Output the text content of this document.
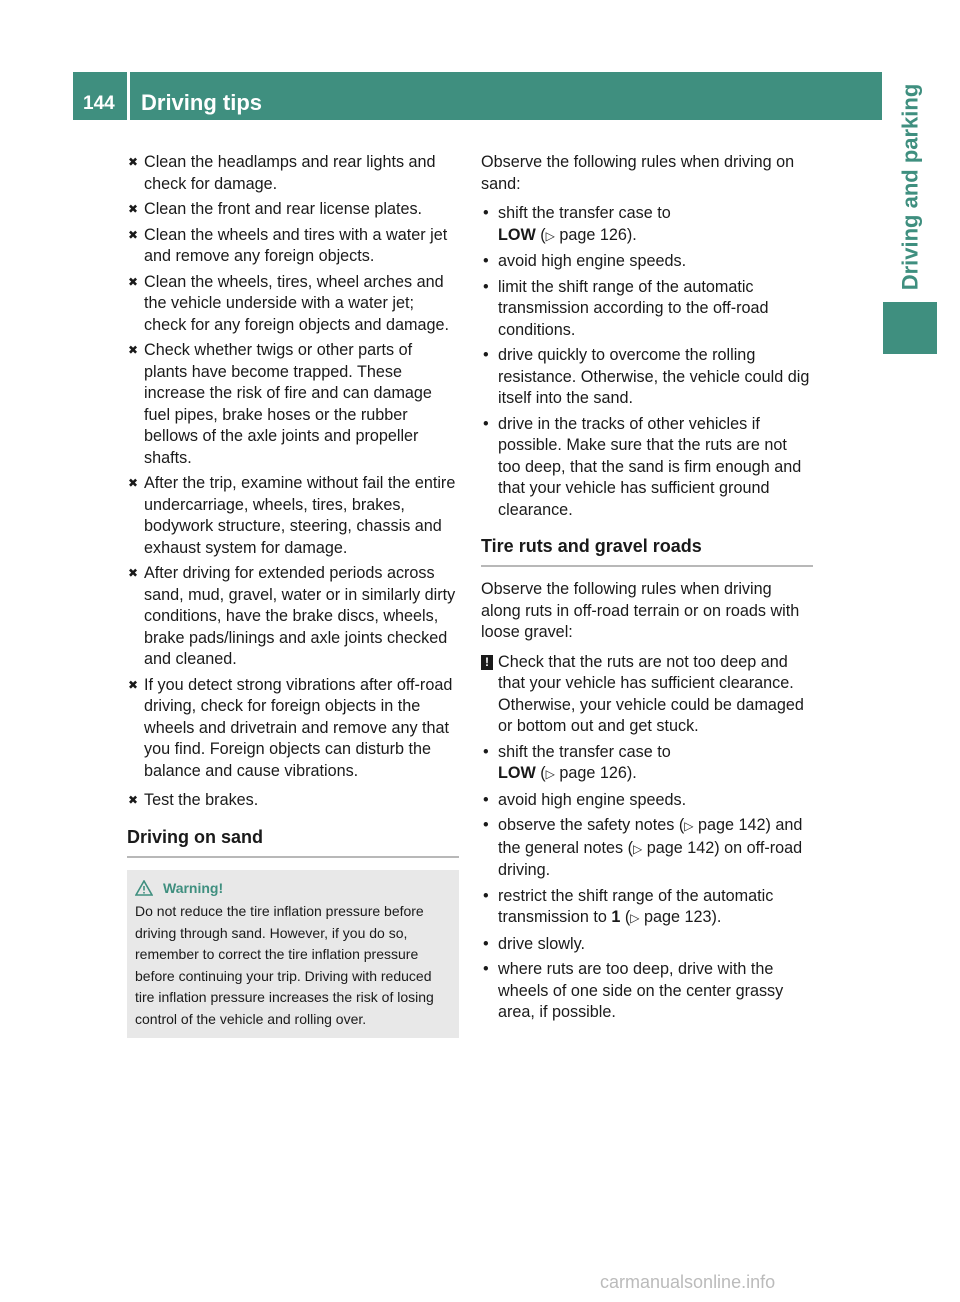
144	Driving tips	Driving and parking
✖ Clean the headlamps and rear lights and check for damage.
✖ Clean the front and rear license plates.
✖ Clean the wheels and tires with a water jet and remove any foreign objects.
✖ Clean the wheels, tires, wheel arches and the vehicle underside with a water jet; check for any foreign objects and damage.
✖ Check whether twigs or other parts of plants have become trapped. These increase the risk of fire and can damage fuel pipes, brake hoses or the rubber bellows of the axle joints and propeller shafts.
✖ After the trip, examine without fail the entire undercarriage, wheels, tires, brakes, bodywork structure, steering, chassis and exhaust system for damage.
✖ After driving for extended periods across sand, mud, gravel, water or in similarly dirty conditions, have the brake discs, wheels, brake pads/linings and axle joints checked and cleaned.
✖ If you detect strong vibrations after off-road driving, check for foreign objects in the wheels and drivetrain and remove any that you find. Foreign objects can disturb the balance and cause vibrations.
✖ Test the brakes.
Driving on sand
Warning!
Do not reduce the tire inflation pressure before driving through sand. However, if you do so, remember to correct the tire inflation pressure before continuing your trip. Driving with reduced tire inflation pressure increases the risk of losing control of the vehicle and rolling over.

Observe the following rules when driving on sand:

• shift the transfer case to
LOW (▷ page 126).
• avoid high engine speeds.
• limit the shift range of the automatic transmission according to the off-road conditions.
• drive quickly to overcome the rolling resistance. Otherwise, the vehicle could dig itself into the sand.
• drive in the tracks of other vehicles if possible. Make sure that the ruts are not too deep, that the sand is firm enough and that your vehicle has sufficient ground clearance.
Tire ruts and gravel roads

Observe the following rules when driving along ruts in off-road terrain or on roads with loose gravel:

! Check that the ruts are not too deep and that your vehicle has sufficient clearance. Otherwise, your vehicle could be damaged or bottom out and get stuck.
• shift the transfer case to
LOW (▷ page 126).
• avoid high engine speeds.
• observe the safety notes (▷ page 142) and the general notes (▷ page 142) on off-road driving.
• restrict the shift range of the automatic transmission to 1 (▷ page 123).
• drive slowly.
• where ruts are too deep, drive with the wheels of one side on the center grassy area, if possible.
carmanualsonline.info
